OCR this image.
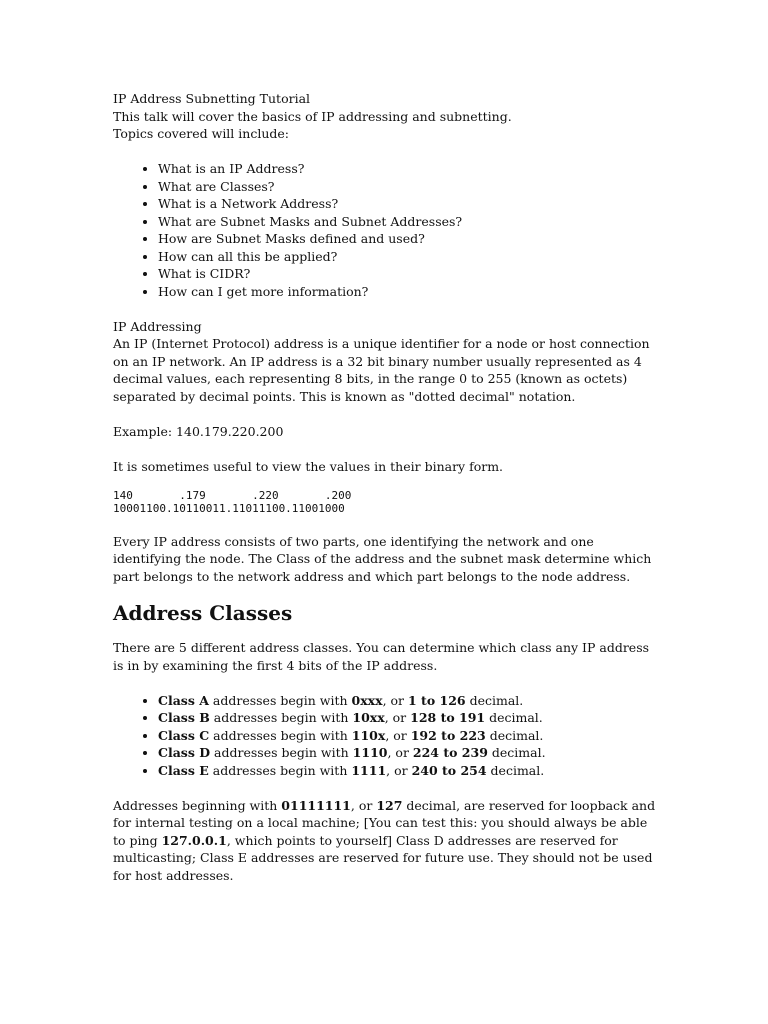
IP Address Subnetting Tutorial

This talk will cover the basics of IP addressing and subnetting.

Topics covered will include:

• What is an IP Address?
• What are Classes?
• What is a Network Address?
• What are Subnet Masks and Subnet Addresses?
• How are Subnet Masks defined and used?
• How can all this be applied?
• What is CIDR?
• How can I get more information?

IP Addressing

An IP (Internet Protocol) address is a unique identifier for a node or host connection on an IP network. An IP address is a 32 bit binary number usually represented as 4 decimal values, each representing 8 bits, in the range 0 to 255 (known as octets) separated by decimal points. This is known as "dotted decimal" notation.

Example: 140.179.220.200

It is sometimes useful to view the values in their binary form.

140       .179       .220       .200
10001100.10110011.11011100.11001000

Every IP address consists of two parts, one identifying the network and one identifying the node. The Class of the address and the subnet mask determine which part belongs to the network address and which part belongs to the node address.

Address Classes

There are 5 different address classes. You can determine which class any IP address is in by examining the first 4 bits of the IP address.

• Class A addresses begin with 0xxx, or 1 to 126 decimal.
• Class B addresses begin with 10xx, or 128 to 191 decimal.
• Class C addresses begin with 110x, or 192 to 223 decimal.
• Class D addresses begin with 1110, or 224 to 239 decimal.
• Class E addresses begin with 1111, or 240 to 254 decimal.

Addresses beginning with 01111111, or 127 decimal, are reserved for loopback and for internal testing on a local machine; [You can test this: you should always be able to ping 127.0.0.1, which points to yourself] Class D addresses are reserved for multicasting; Class E addresses are reserved for future use. They should not be used for host addresses.
